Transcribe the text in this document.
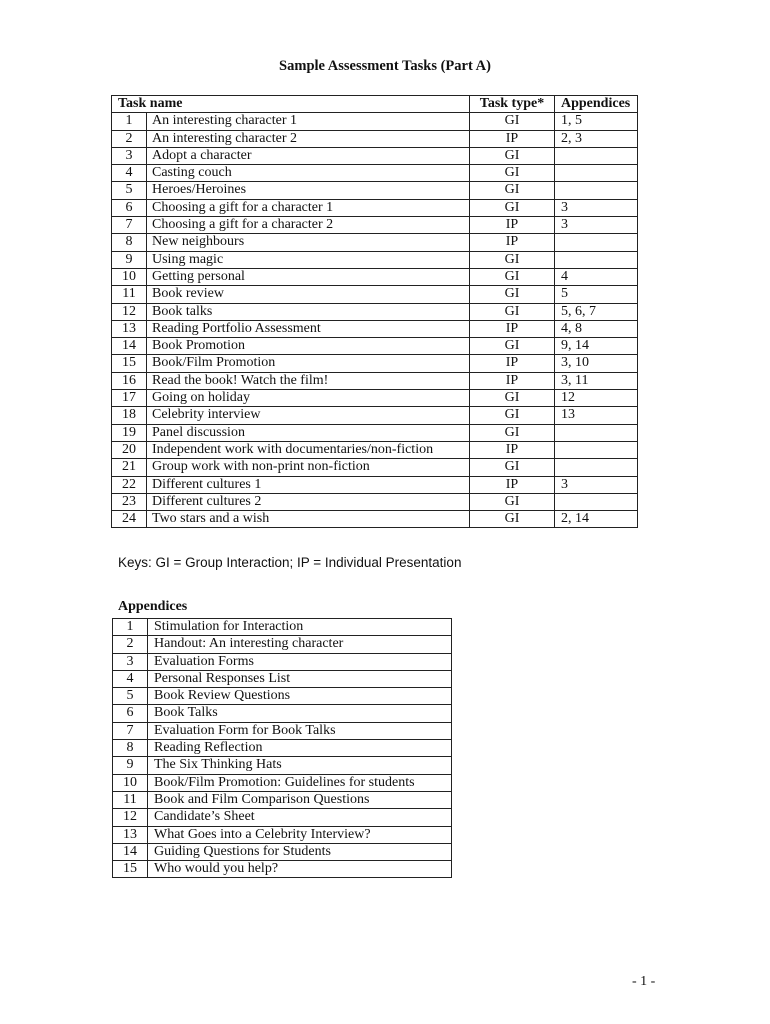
Sample Assessment Tasks (Part A)
Task name		Task type*	Appendices
1	An interesting character 1	GI	1, 5
2	An interesting character 2	IP	2, 3
3	Adopt a character	GI	
4	Casting couch	GI	
5	Heroes/Heroines	GI	
6	Choosing a gift for a character 1	GI	3
7	Choosing a gift for a character 2	IP	3
8	New neighbours	IP	
9	Using magic	GI	
10	Getting personal	GI	4
11	Book review	GI	5
12	Book talks	GI	5, 6, 7
13	Reading Portfolio Assessment	IP	4, 8
14	Book Promotion	GI	9, 14
15	Book/Film Promotion	IP	3, 10
16	Read the book! Watch the film!	IP	3, 11
17	Going on holiday	GI	12
18	Celebrity interview	GI	13
19	Panel discussion	GI	
20	Independent work with documentaries/non-fiction	IP	
21	Group work with non-print non-fiction	GI	
22	Different cultures 1	IP	3
23	Different cultures 2	GI	
24	Two stars and a wish	GI	2, 14
Keys: GI = Group Interaction; IP = Individual Presentation
Appendices
1	Stimulation for Interaction
2	Handout: An interesting character
3	Evaluation Forms
4	Personal Responses List
5	Book Review Questions
6	Book Talks
7	Evaluation Form for Book Talks
8	Reading Reflection
9	The Six Thinking Hats
10	Book/Film Promotion: Guidelines for students
11	Book and Film Comparison Questions
12	Candidate’s Sheet
13	What Goes into a Celebrity Interview?
14	Guiding Questions for Students
15	Who would you help?
- 1 -
